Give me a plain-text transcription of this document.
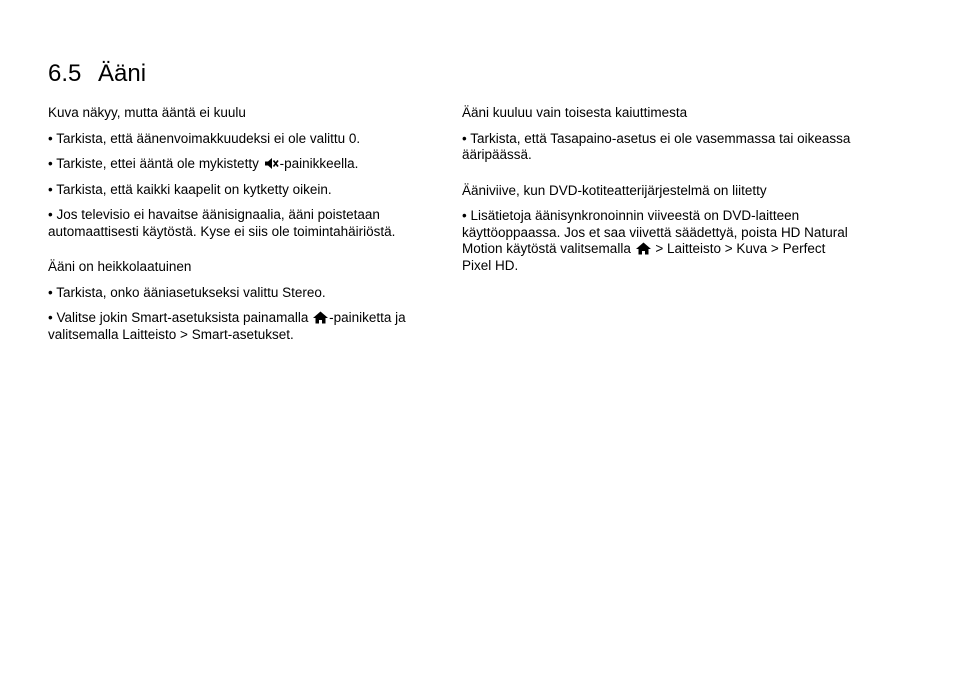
6.5 Ääni

Kuva näkyy, mutta ääntä ei kuulu

• Tarkista, että äänenvoimakkuudeksi ei ole valittu 0.

• Tarkiste, ettei ääntä ole mykistetty -painikkeella.

• Tarkista, että kaikki kaapelit on kytketty oikein.

• Jos televisio ei havaitse äänisignaalia, ääni poistetaan automaattisesti käytöstä. Kyse ei siis ole toimintahäiriöstä.

Ääni on heikkolaatuinen

• Tarkista, onko ääniasetukseksi valittu Stereo.

• Valitse jokin Smart-asetuksista painamalla -painiketta ja valitsemalla Laitteisto > Smart-asetukset.

Ääni kuuluu vain toisesta kaiuttimesta

• Tarkista, että Tasapaino-asetus ei ole vasemmassa tai oikeassa ääripäässä.

Ääniviive, kun DVD-kotiteatterijärjestelmä on liitetty

• Lisätietoja äänisynkronoinnin viiveestä on DVD-laitteen käyttöoppaassa. Jos et saa viivettä säädettyä, poista HD Natural Motion käytöstä valitsemalla > Laitteisto > Kuva > Perfect Pixel HD.
